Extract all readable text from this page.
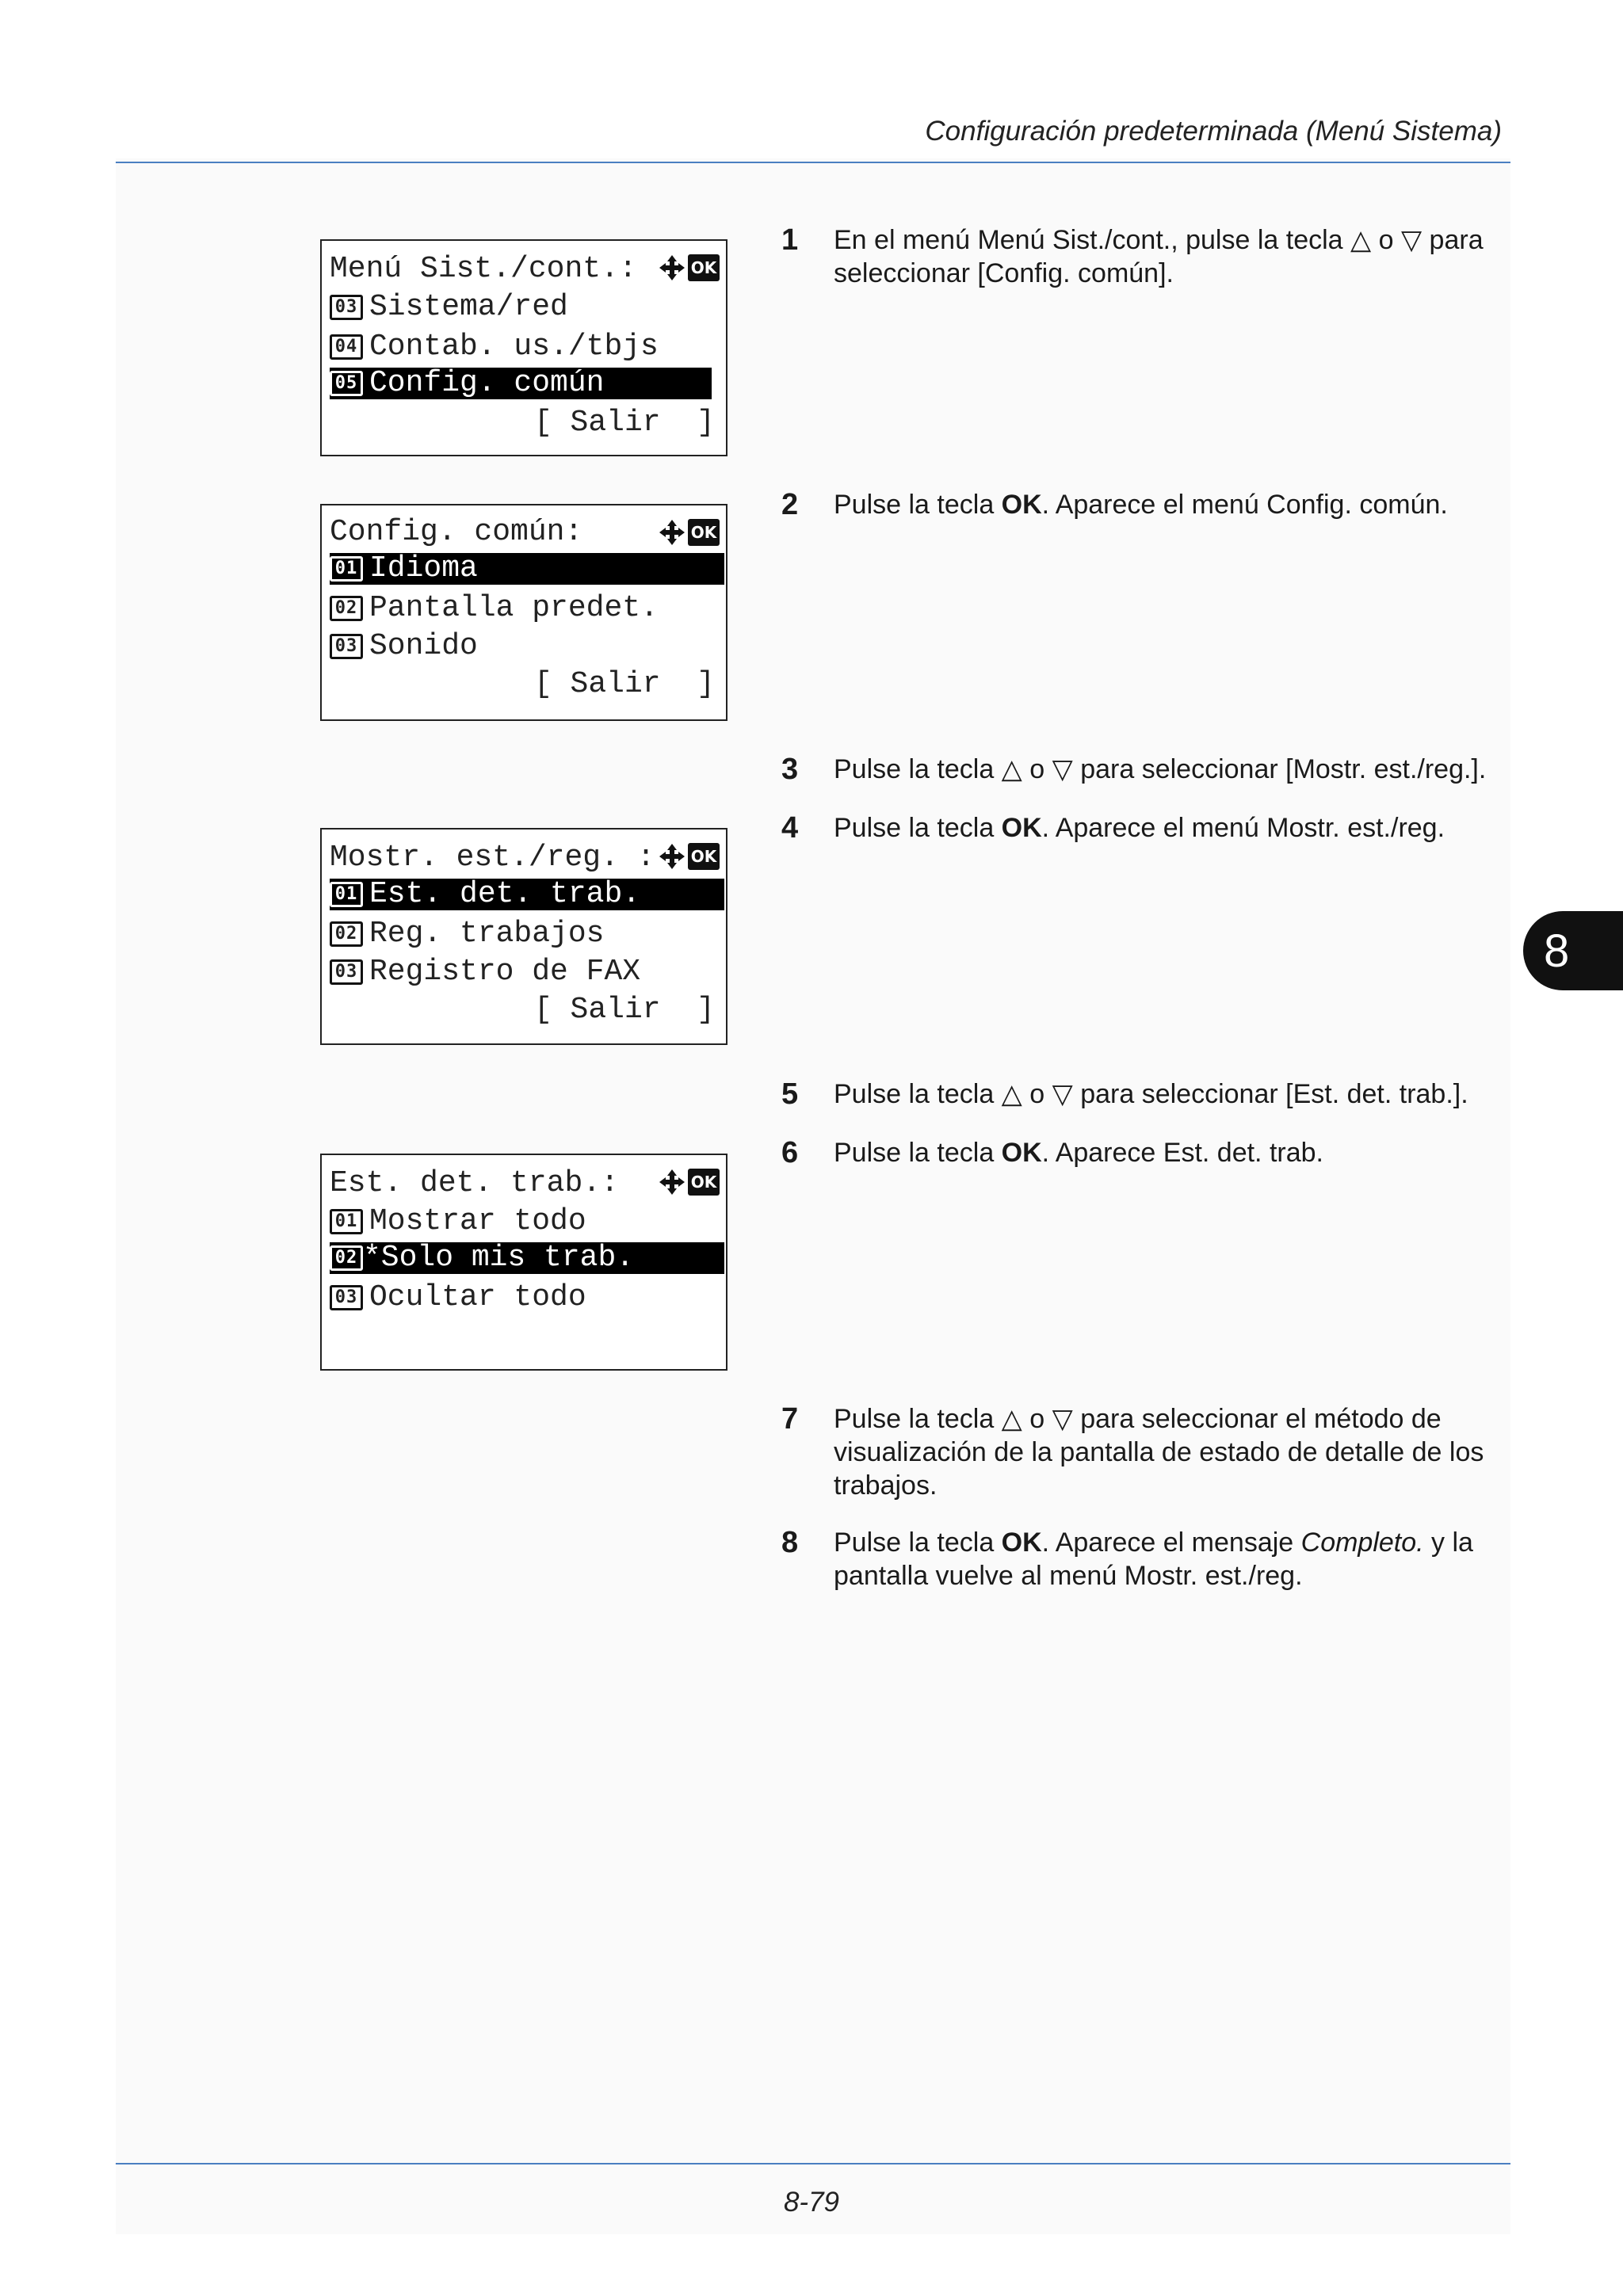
Configuración predeterminada (Menú Sistema)
8
Menú Sist./cont.:	OK
03 Sistema/red
04 Contab. us./tbjs
05 Config. común
[ Salir  ]
Config. común:	OK
01 Idioma
02 Pantalla predet.
03 Sonido
[ Salir  ]
Mostr. est./reg. :	OK
01 Est. det. trab.
02 Reg. trabajos
03 Registro de FAX
[ Salir  ]
Est. det. trab.:	OK
01 Mostrar todo
02 *Solo mis trab.
03 Ocultar todo
1 En el menú Menú Sist./cont., pulse la tecla △ o ▽ para seleccionar [Config. común].
2 Pulse la tecla OK. Aparece el menú Config. común.
3 Pulse la tecla △ o ▽ para seleccionar [Mostr. est./reg.].
4 Pulse la tecla OK. Aparece el menú Mostr. est./reg.
5 Pulse la tecla △ o ▽ para seleccionar [Est. det. trab.].
6 Pulse la tecla OK. Aparece Est. det. trab.
7 Pulse la tecla △ o ▽ para seleccionar el método de visualización de la pantalla de estado de detalle de los trabajos.
8 Pulse la tecla OK. Aparece el mensaje Completo. y la pantalla vuelve al menú Mostr. est./reg.
8-79
